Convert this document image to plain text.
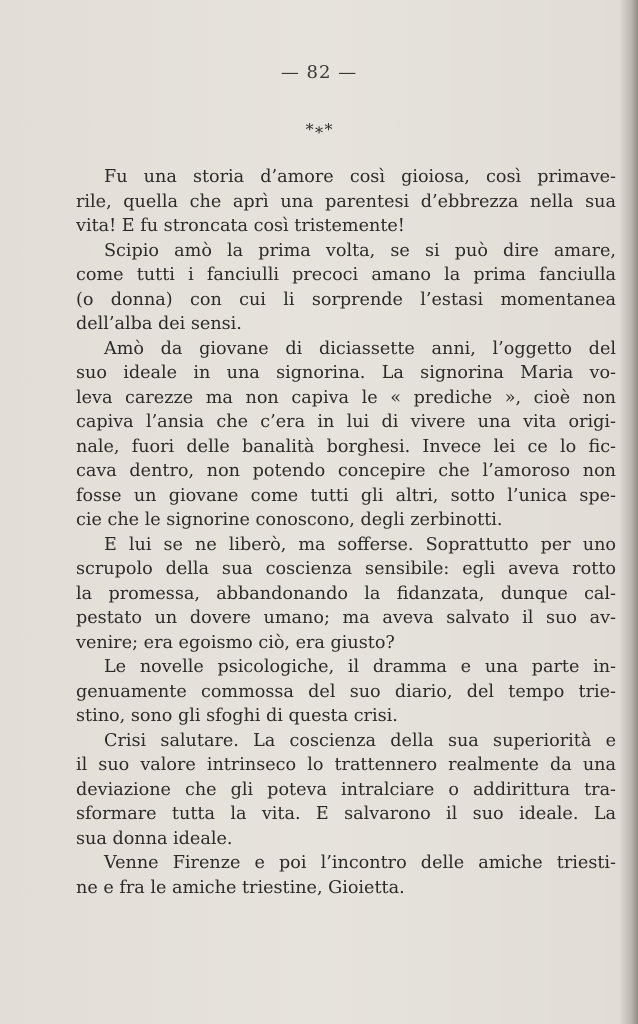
— 82 —
*∗*
Fu una storia d’amore così gioiosa, così primave-
rile, quella che aprì una parentesi d’ebbrezza nella sua
vita! E fu stroncata così tristemente!
Scipio amò la prima volta, se si può dire amare,
come tutti i fanciulli precoci amano la prima fanciulla
(o donna) con cui li sorprende l’estasi momentanea
dell’alba dei sensi.
Amò da giovane di diciassette anni, l’oggetto del
suo ideale in una signorina. La signorina Maria vo-
leva carezze ma non capiva le « prediche », cioè non
capiva l’ansia che c’era in lui di vivere una vita origi-
nale, fuori delle banalità borghesi. Invece lei ce lo fic-
cava dentro, non potendo concepire che l’amoroso non
fosse un giovane come tutti gli altri, sotto l’unica spe-
cie che le signorine conoscono, degli zerbinotti.
E lui se ne liberò, ma sofferse. Soprattutto per uno
scrupolo della sua coscienza sensibile: egli aveva rotto
la promessa, abbandonando la fidanzata, dunque cal-
pestato un dovere umano; ma aveva salvato il suo av-
venire; era egoismo ciò, era giusto?
Le novelle psicologiche, il dramma e una parte in-
genuamente commossa del suo diario, del tempo trie-
stino, sono gli sfoghi di questa crisi.
Crisi salutare. La coscienza della sua superiorità e
il suo valore intrinseco lo trattennero realmente da una
deviazione che gli poteva intralciare o addirittura tra-
sformare tutta la vita. E salvarono il suo ideale. La
sua donna ideale.
Venne Firenze e poi l’incontro delle amiche triesti-
ne e fra le amiche triestine, Gioietta.
